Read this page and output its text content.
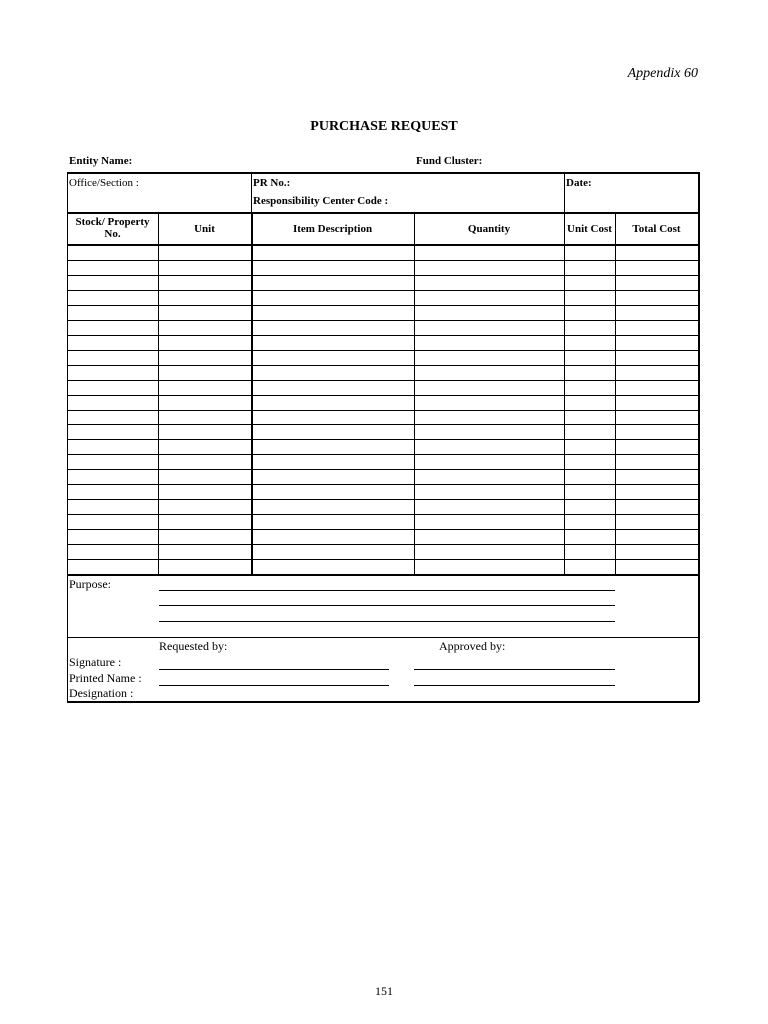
Appendix 60
PURCHASE REQUEST
Entity Name:	Fund Cluster:
Office/Section :	PR No.:
Responsibility Center Code :
Date:
Stock/ Property
No.	Unit	Item Description	Quantity	Unit Cost	Total Cost
Purpose:
Requested by:	Approved by:
Signature :
Printed Name :
Designation :
151
